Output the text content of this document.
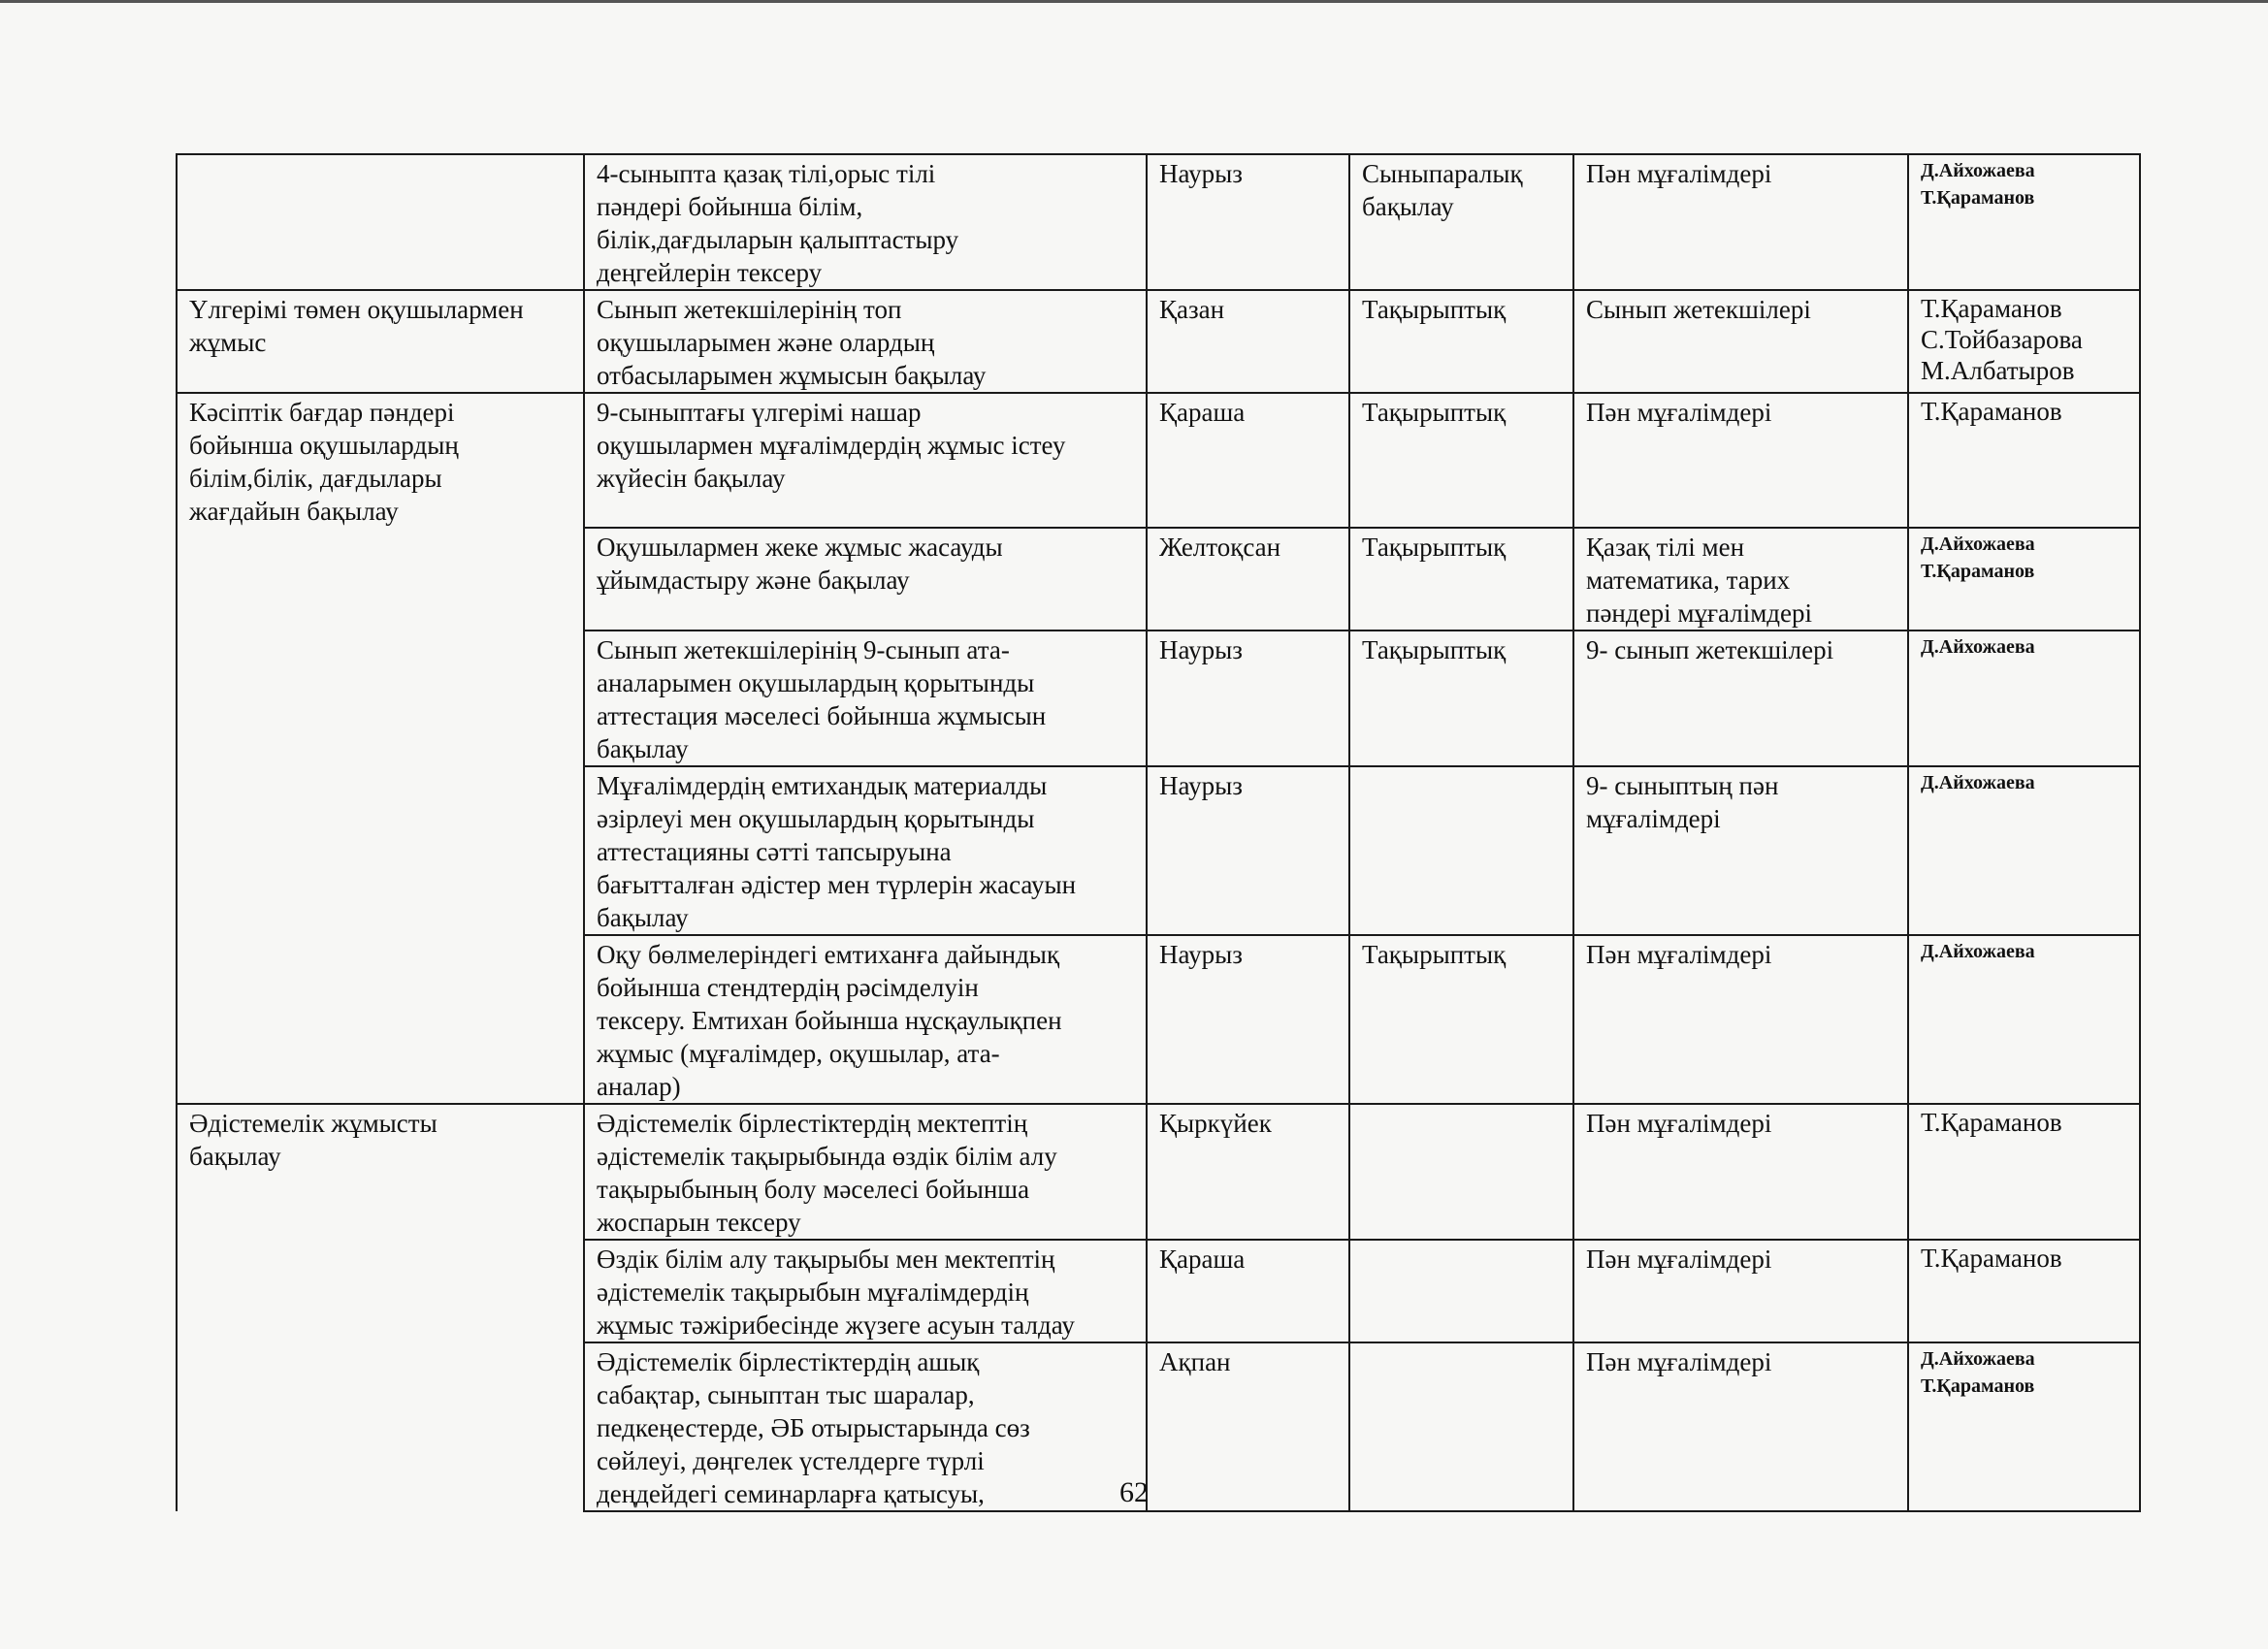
	4-сыныпта қазақ тілі,орыс тілі
пәндері бойынша білім,
білік,дағдыларын қалыптастыру
деңгейлерін тексеру	Наурыз	Сыныпаралық
бақылау	Пән мұғалімдері	Д.Айхожаева
Т.Қараманов

Үлгерімі төмен оқушылармен
жұмыс	Сынып жетекшілерінің топ
оқушыларымен және олардың
отбасыларымен жұмысын бақылау	Қазан	Тақырыптық	Сынып жетекшілері	Т.Қараманов
С.Тойбазарова
М.Албатыров

Кәсіптік бағдар пәндері
бойынша оқушылардың
білім,білік, дағдылары
жағдайын бақылау	9-сыныптағы үлгерімі нашар
оқушылармен мұғалімдердің жұмыс істеу
жүйесін бақылау	Қараша	Тақырыптық	Пән мұғалімдері	Т.Қараманов

	Оқушылармен жеке жұмыс жасауды
ұйымдастыру және бақылау	Желтоқсан	Тақырыптық	Қазақ тілі мен
математика, тарих
пәндері мұғалімдері	Д.Айхожаева
Т.Қараманов

	Сынып жетекшілерінің 9-сынып ата-
аналарымен оқушылардың қорытынды
аттестация мәселесі бойынша жұмысын
бақылау	Наурыз	Тақырыптық	9- сынып жетекшілері	Д.Айхожаева

	Мұғалімдердің емтихандық материалды
әзірлеуі мен оқушылардың қорытынды
аттестацияны сәтті тапсыруына
бағытталған әдістер мен түрлерін жасауын
бақылау	Наурыз		9- сыныптың пән
мұғалімдері	Д.Айхожаева

	Оқу бөлмелеріндегі емтиханға дайындық
бойынша стендтердің рәсімделуін
тексеру. Емтихан бойынша нұсқаулықпен
жұмыс (мұғалімдер, оқушылар, ата-
аналар)	Наурыз	Тақырыптық	Пән мұғалімдері	Д.Айхожаева

Әдістемелік жұмысты
бақылау	Әдістемелік бірлестіктердің мектептің
әдістемелік тақырыбында өздік білім алу
тақырыбының болу мәселесі бойынша
жоспарын тексеру	Қыркүйек		Пән мұғалімдері	Т.Қараманов

	Өздік білім алу тақырыбы мен мектептің
әдістемелік тақырыбын мұғалімдердің
жұмыс тәжірибесінде жүзеге асуын талдау	Қараша		Пән мұғалімдері	Т.Қараманов

	Әдістемелік бірлестіктердің ашық
сабақтар, сыныптан тыс шаралар,
педкеңестерде, ӘБ отырыстарында сөз
сөйлеуі, дөңгелек үстелдерге түрлі
деңдейдегі семинарларға қатысуы,	Ақпан		Пән мұғалімдері	Д.Айхожаева
Т.Қараманов
62
